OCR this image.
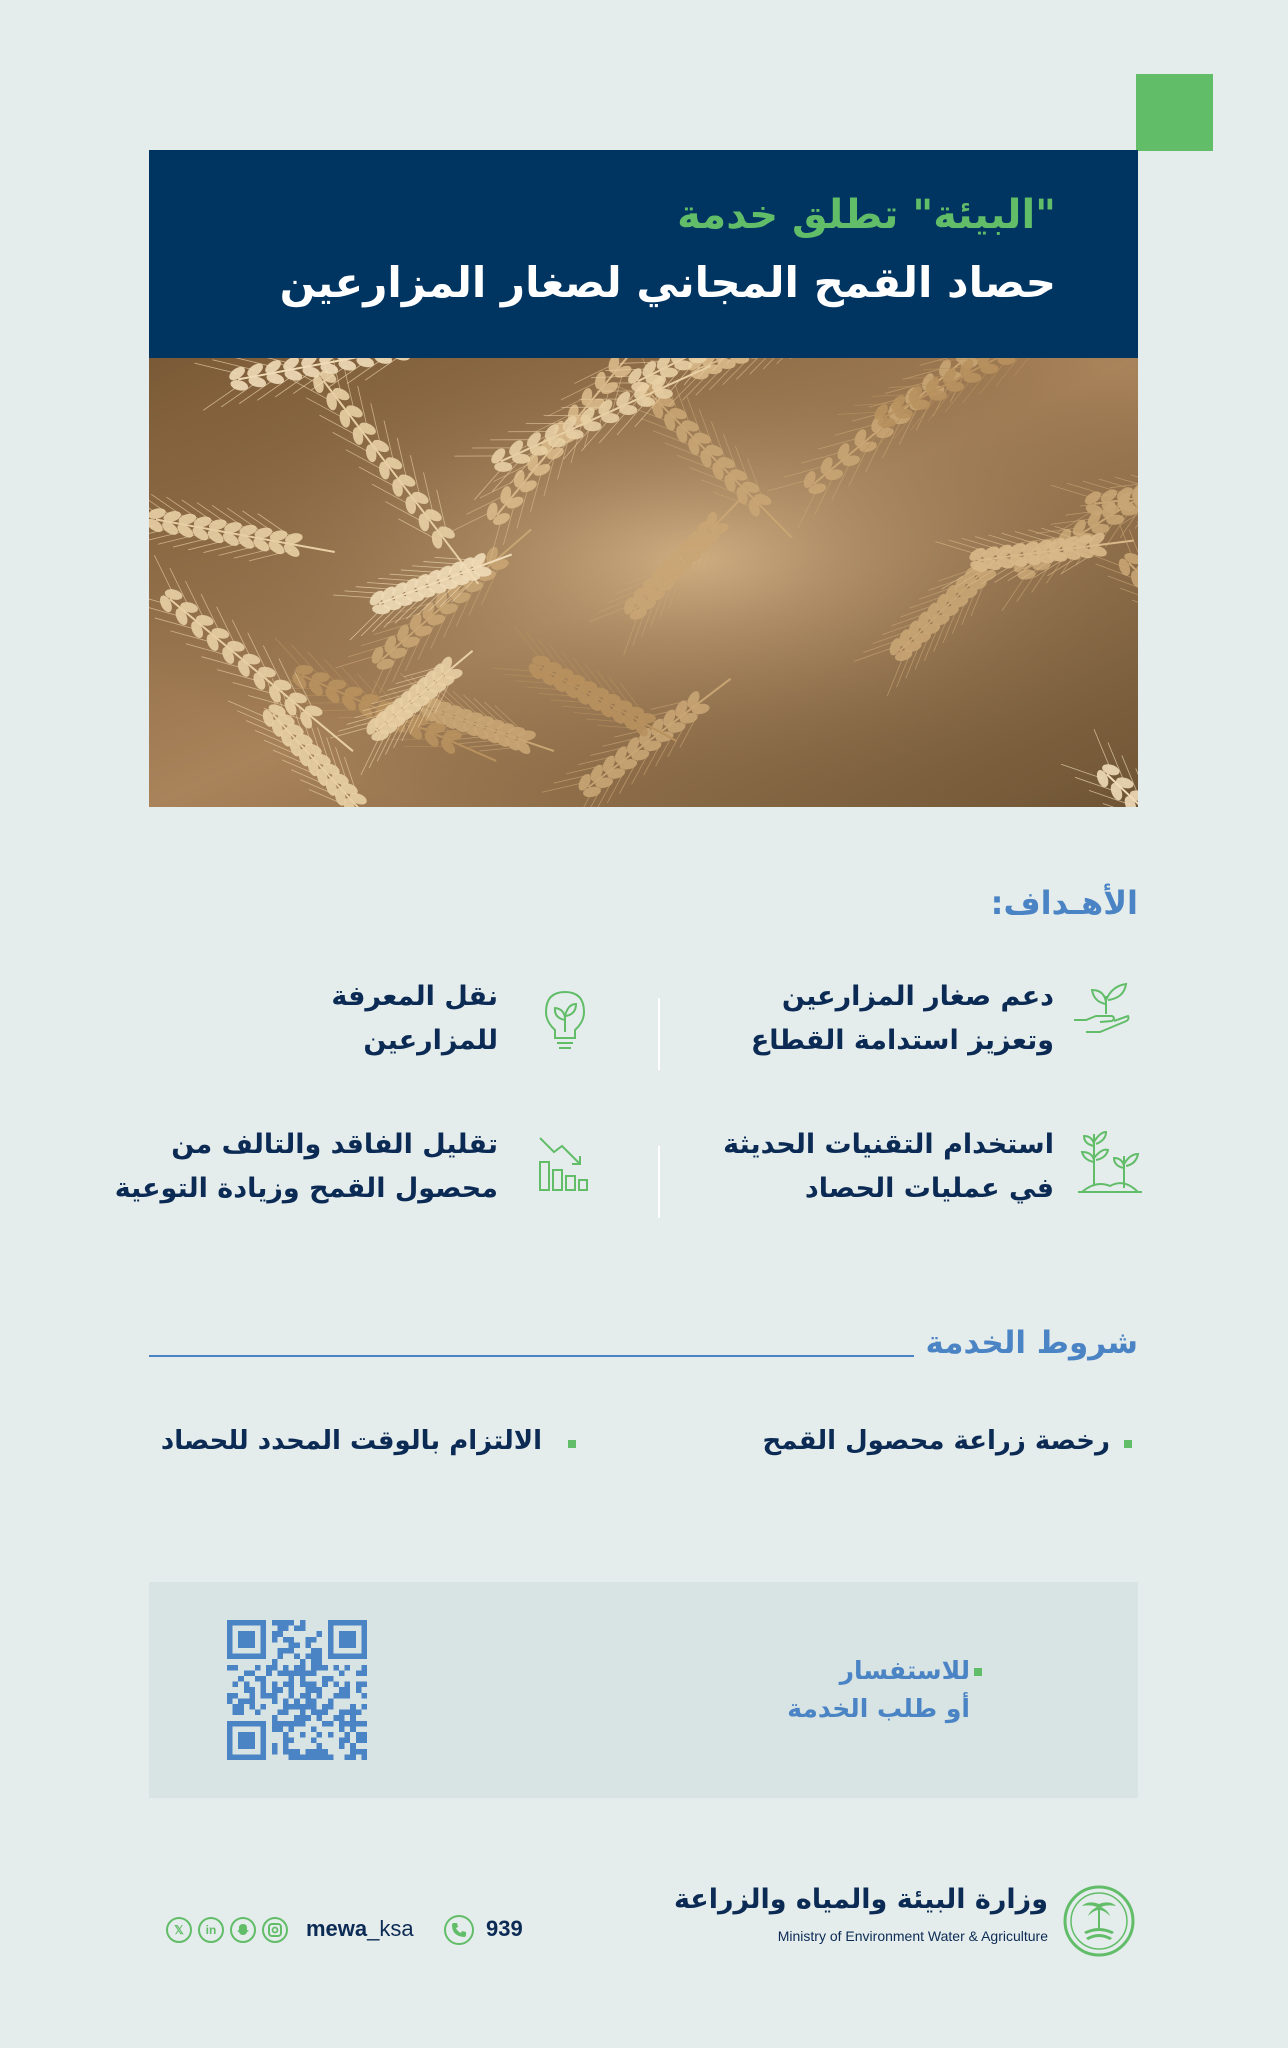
"البيئة" تطلق خدمة

حصاد القمح المجاني لصغار المزارعين

الأهـداف:

دعم صغار المزارعين
وتعزيز استدامة القطاع

نقل المعرفة
للمزارعين

استخدام التقنيات الحديثة
في عمليات الحصاد

تقليل الفاقد والتالف من
محصول القمح وزيادة التوعية

شروط الخدمة

رخصة زراعة محصول القمح

الالتزام بالوقت المحدد للحصاد

للاستفسار
أو طلب الخدمة

𝕏	in	mewa_ksa	939

وزارة البيئة والمياه والزراعة

Ministry of Environment Water & Agriculture
